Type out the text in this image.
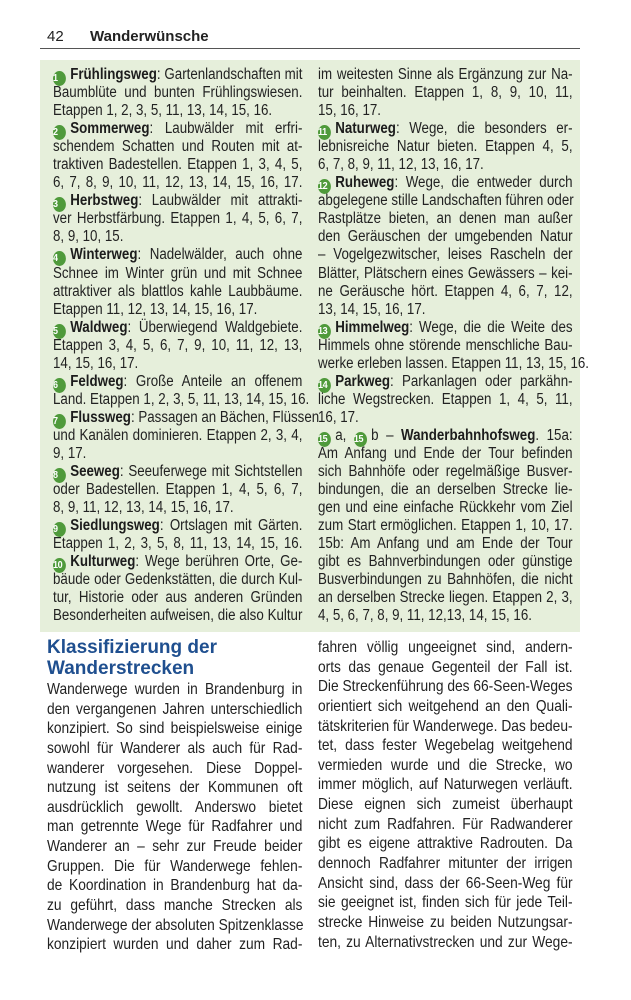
42 Wanderwünsche
1 Frühlingsweg: Gartenlandschaften mit
Baumblüte und bunten Frühlingswiesen.
Etappen 1, 2, 3, 5, 11, 13, 14, 15, 16.
2 Sommerweg: Laubwälder mit erfri-
schendem Schatten und Routen mit at-
traktiven Badestellen. Etappen 1, 3, 4, 5,
6, 7, 8, 9, 10, 11, 12, 13, 14, 15, 16, 17.
3 Herbstweg: Laubwälder mit attrakti-
ver Herbstfärbung. Etappen 1, 4, 5, 6, 7,
8, 9, 10, 15.
4 Winterweg: Nadelwälder, auch ohne
Schnee im Winter grün und mit Schnee
attraktiver als blattlos kahle Laubbäume.
Etappen 11, 12, 13, 14, 15, 16, 17.
5 Waldweg: Überwiegend Waldgebiete.
Etappen 3, 4, 5, 6, 7, 9, 10, 11, 12, 13,
14, 15, 16, 17.
6 Feldweg: Große Anteile an offenem
Land. Etappen 1, 2, 3, 5, 11, 13, 14, 15, 16.
7 Flussweg: Passagen an Bächen, Flüssen
und Kanälen dominieren. Etappen 2, 3, 4,
9, 17.
8 Seeweg: Seeuferwege mit Sichtstellen
oder Badestellen. Etappen 1, 4, 5, 6, 7,
8, 9, 11, 12, 13, 14, 15, 16, 17.
9 Siedlungsweg: Ortslagen mit Gärten.
Etappen 1, 2, 3, 5, 8, 11, 13, 14, 15, 16.
10 Kulturweg: Wege berühren Orte, Ge-
bäude oder Gedenkstätten, die durch Kul-
tur, Historie oder aus anderen Gründen
Besonderheiten aufweisen, die also Kultur
im weitesten Sinne als Ergänzung zur Na-
tur beinhalten. Etappen 1, 8, 9, 10, 11,
15, 16, 17.
11 Naturweg: Wege, die besonders er-
lebnisreiche Natur bieten. Etappen 4, 5,
6, 7, 8, 9, 11, 12, 13, 16, 17.
12 Ruheweg: Wege, die entweder durch
abgelegene stille Landschaften führen oder
Rastplätze bieten, an denen man außer
den Geräuschen der umgebenden Natur
– Vogelgezwitscher, leises Rascheln der
Blätter, Plätschern eines Gewässers – kei-
ne Geräusche hört. Etappen 4, 6, 7, 12,
13, 14, 15, 16, 17.
13 Himmelweg: Wege, die die Weite des
Himmels ohne störende menschliche Bau-
werke erleben lassen. Etappen 11, 13, 15, 16.
14 Parkweg: Parkanlagen oder parkähn-
liche Wegstrecken. Etappen 1, 4, 5, 11,
16, 17.
15 a, 15 b – Wanderbahnhofsweg. 15a:
Am Anfang und Ende der Tour befinden
sich Bahnhöfe oder regelmäßige Busver-
bindungen, die an derselben Strecke lie-
gen und eine einfache Rückkehr vom Ziel
zum Start ermöglichen. Etappen 1, 10, 17.
15b: Am Anfang und am Ende der Tour
gibt es Bahnverbindungen oder günstige
Busverbindungen zu Bahnhöfen, die nicht
an derselben Strecke liegen. Etappen 2, 3,
4, 5, 6, 7, 8, 9, 11, 12,13, 14, 15, 16.
Klassifizierung der
Wanderstrecken
Wanderwege wurden in Brandenburg in
den vergangenen Jahren unterschiedlich
konzipiert. So sind beispielsweise einige
sowohl für Wanderer als auch für Rad-
wanderer vorgesehen. Diese Doppel-
nutzung ist seitens der Kommunen oft
ausdrücklich gewollt. Anderswo bietet
man getrennte Wege für Radfahrer und
Wanderer an – sehr zur Freude beider
Gruppen. Die für Wanderwege fehlen-
de Koordination in Brandenburg hat da-
zu geführt, dass manche Strecken als
Wanderwege der absoluten Spitzenklasse
konzipiert wurden und daher zum Rad-
fahren völlig ungeeignet sind, andern-
orts das genaue Gegenteil der Fall ist.
Die Streckenführung des 66-Seen-Weges
orientiert sich weitgehend an den Quali-
tätskriterien für Wanderwege. Das bedeu-
tet, dass fester Wegebelag weitgehend
vermieden wurde und die Strecke, wo
immer möglich, auf Naturwegen verläuft.
Diese eignen sich zumeist überhaupt
nicht zum Radfahren. Für Radwanderer
gibt es eigene attraktive Radrouten. Da
dennoch Radfahrer mitunter der irrigen
Ansicht sind, dass der 66-Seen-Weg für
sie geeignet ist, finden sich für jede Teil-
strecke Hinweise zu beiden Nutzungsar-
ten, zu Alternativstrecken und zur Wege-
